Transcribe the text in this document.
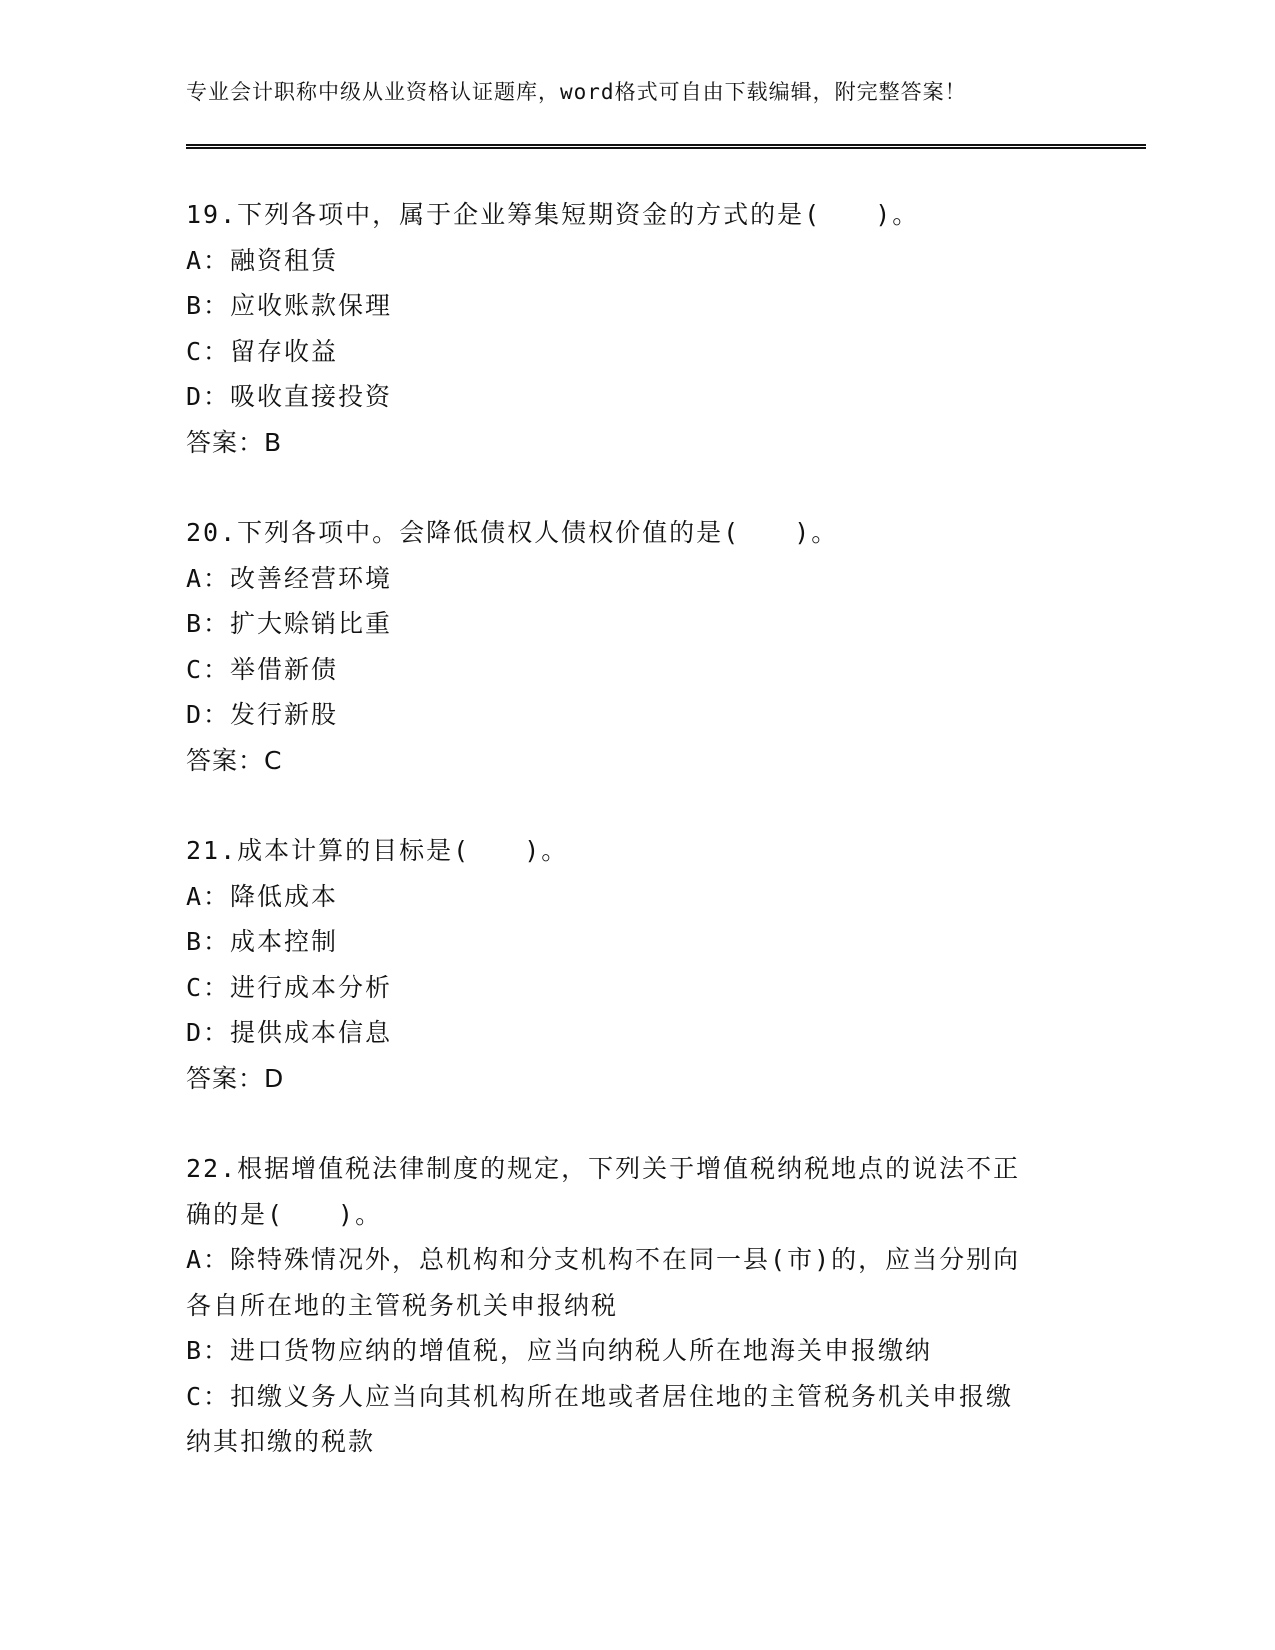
专业会计职称中级从业资格认证题库，word格式可自由下载编辑，附完整答案！
19.下列各项中，属于企业筹集短期资金的方式的是(　　)。
A：融资租赁
B：应收账款保理
C：留存收益
D：吸收直接投资
答案：B
20.下列各项中。会降低债权人债权价值的是(　　)。
A：改善经营环境
B：扩大赊销比重
C：举借新债
D：发行新股
答案：C
21.成本计算的目标是(　　)。
A：降低成本
B：成本控制
C：进行成本分析
D：提供成本信息
答案：D
22.根据增值税法律制度的规定，下列关于增值税纳税地点的说法不正
确的是(　　)。
A：除特殊情况外，总机构和分支机构不在同一县(市)的，应当分别向
各自所在地的主管税务机关申报纳税
B：进口货物应纳的增值税，应当向纳税人所在地海关申报缴纳
C：扣缴义务人应当向其机构所在地或者居住地的主管税务机关申报缴
纳其扣缴的税款
